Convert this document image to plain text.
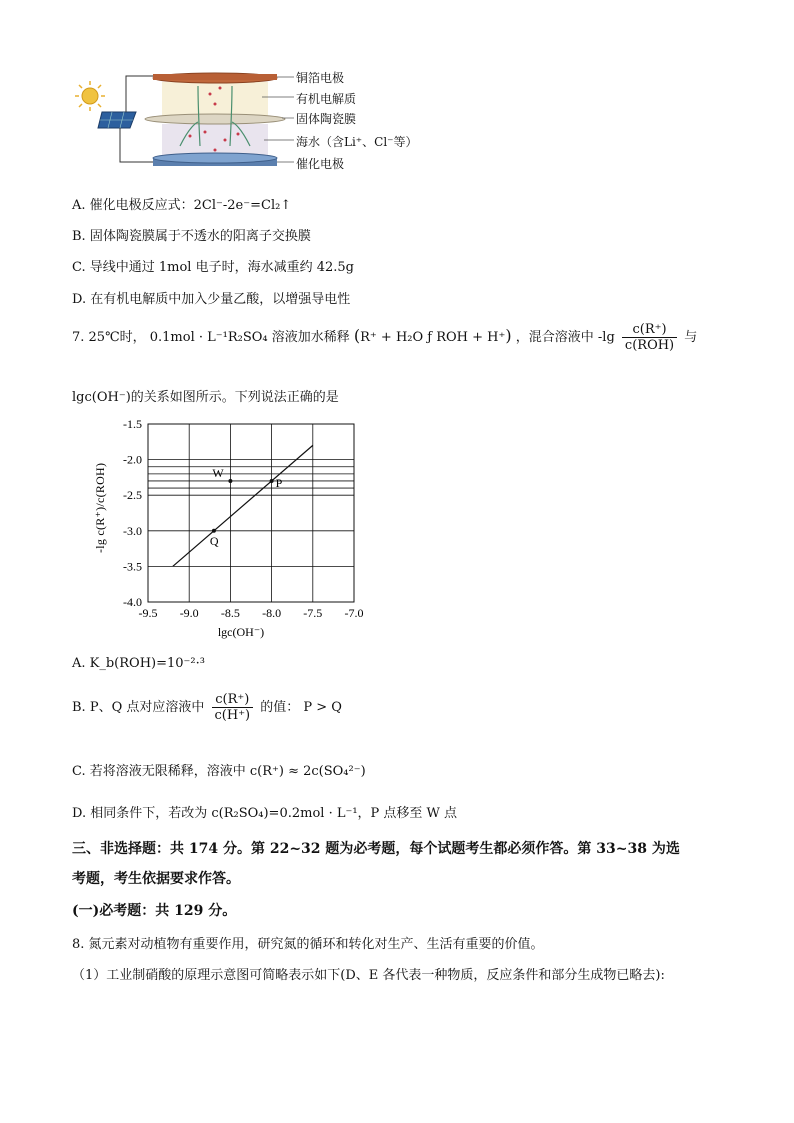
铜箔电极
有机电解质
固体陶瓷膜
海水（含Li⁺、Cl⁻等）
催化电极
A. 催化电极反应式：2Cl⁻-2e⁻=Cl₂↑
B. 固体陶瓷膜属于不透水的阳离子交换膜
C. 导线中通过 1mol 电子时，海水减重约 42.5g
D. 在有机电解质中加入少量乙酸，以增强导电性
7. 25℃时， 0.1mol · L⁻¹R₂SO₄ 溶液加水稀释 (R⁺ + H₂O ƒ ROH + H⁺) ，混合溶液中 $-\lg \frac{c(R^+)}{\text{c(ROH)}}$ 与
lgc(OH⁻)的关系如图所示。下列说法正确的是
-9.5 -9.0 -8.5 -8.0 -7.5 -7.0
-1.5
-2.0
-2.5
-3.0
-3.5
-4.0
W
P
Q
lgc(OH⁻)
-lg c(R⁺)/c(ROH)
A. K_b(ROH)=10⁻²·³
B. P、Q 点对应溶液中 $\frac{c(R^+)}{c(H^+)}$ 的值： P > Q
C. 若将溶液无限稀释，溶液中 c(R⁺) ≈ 2c(SO₄²⁻)
D. 相同条件下，若改为 c(R₂SO₄)=0.2mol · L⁻¹，P 点移至 W 点
三、非选择题：共 174 分。第 22~32 题为必考题，每个试题考生都必须作答。第 33~38 为选
考题，考生依据要求作答。
(一)必考题：共 129 分。
8. 氮元素对动植物有重要作用，研究氮的循环和转化对生产、生活有重要的价值。
（1）工业制硝酸的原理示意图可简略表示如下(D、E 各代表一种物质，反应条件和部分生成物已略去):
